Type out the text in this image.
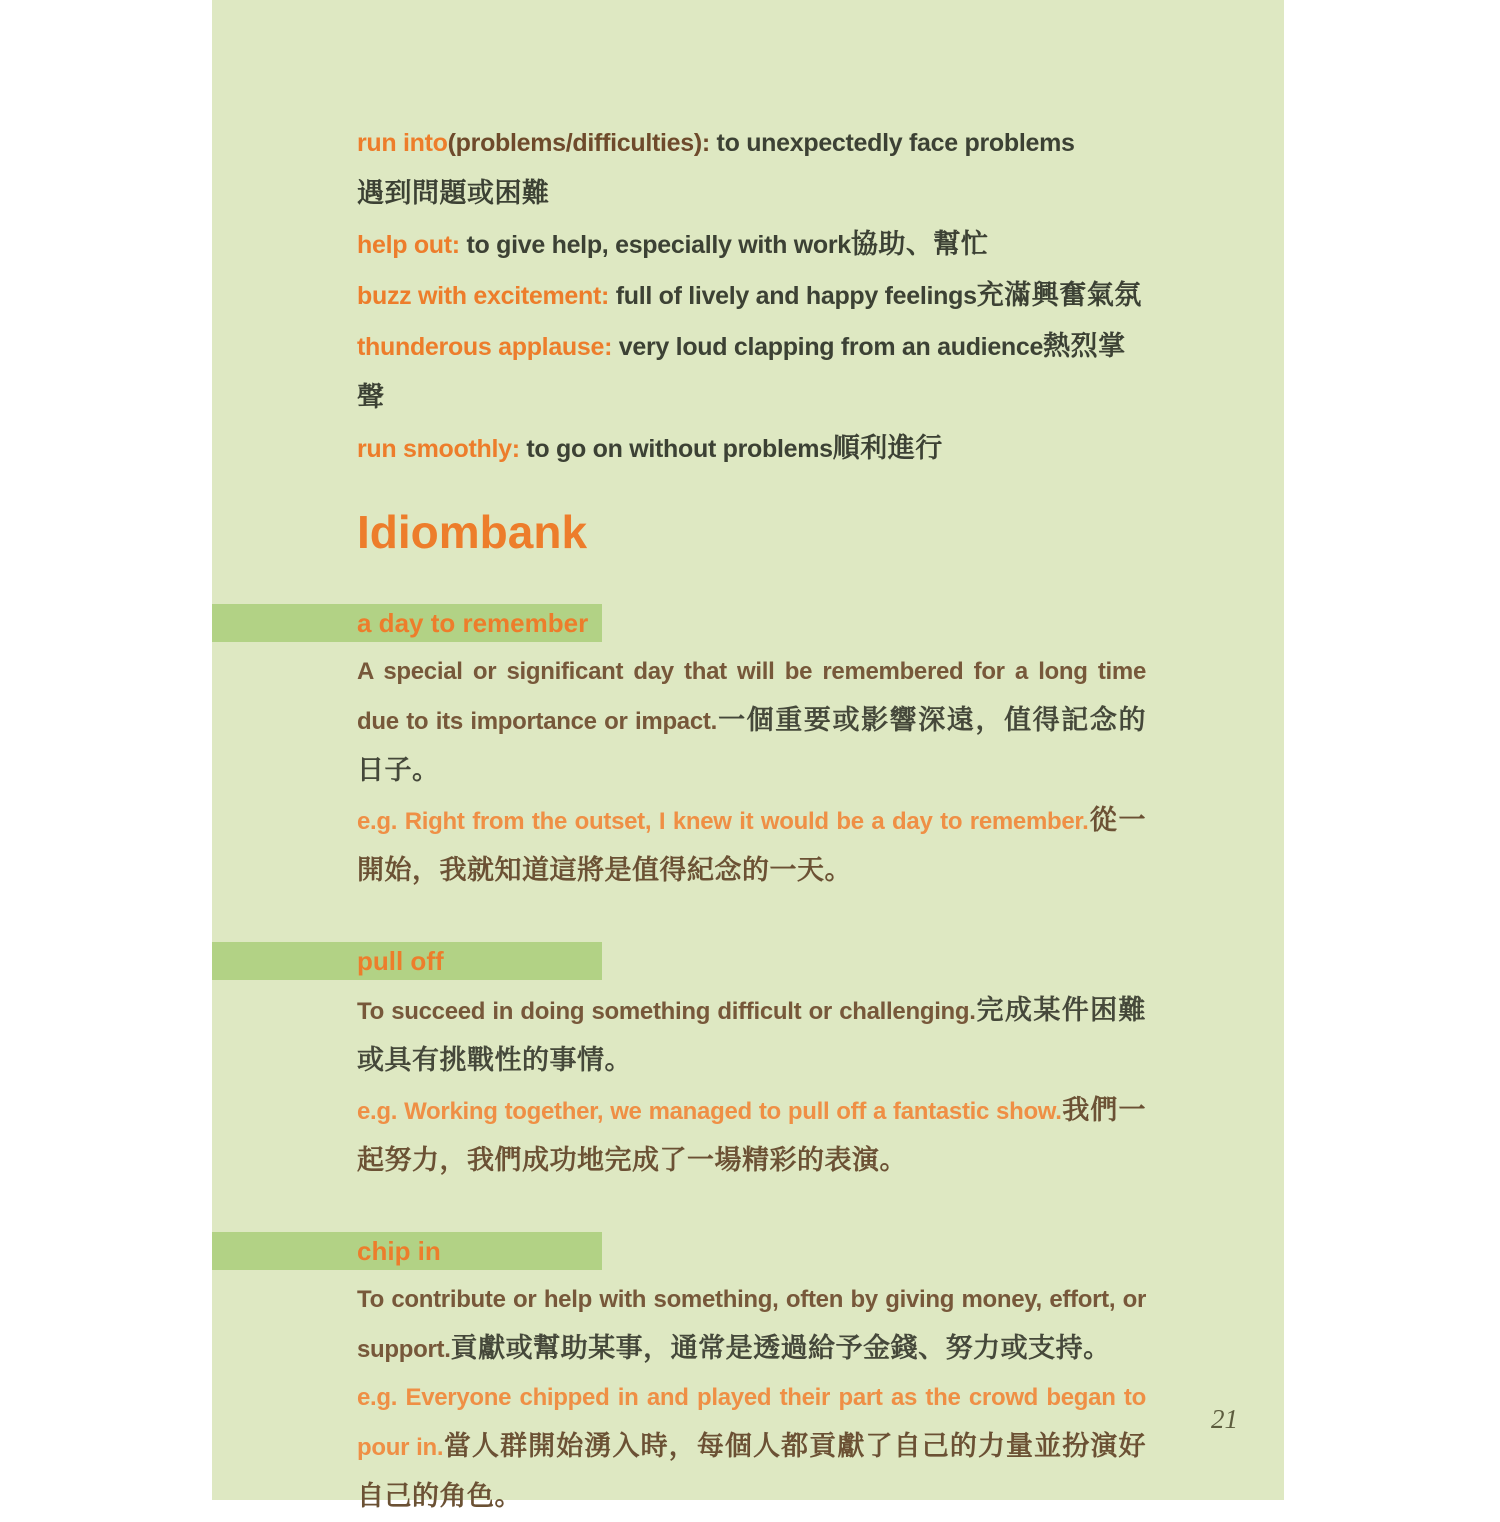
run into(problems/difficulties): to unexpectedly face problems

遇到問題或困難

help out: to give help, especially with work協助、幫忙

buzz with excitement: full of lively and happy feelings充滿興奮氣氛

thunderous applause: very loud clapping from an audience熱烈掌聲

run smoothly: to go on without problems順利進行

Idiombank
a day to remember

A special or significant day that will be remembered for a long time due to its importance or impact.一個重要或影響深遠，值得記念的日子。

e.g. Right from the outset, I knew it would be a day to remember.從一開始，我就知道這將是值得紀念的一天。

pull off

To succeed in doing something difficult or challenging.完成某件困難或具有挑戰性的事情。

e.g. Working together, we managed to pull off a fantastic show.我們一起努力，我們成功地完成了一場精彩的表演。

chip in

To contribute or help with something, often by giving money, effort, or support.貢獻或幫助某事，通常是透過給予金錢、努力或支持。

e.g. Everyone chipped in and played their part as the crowd began to pour in.當人群開始湧入時，每個人都貢獻了自己的力量並扮演好自己的角色。

21
